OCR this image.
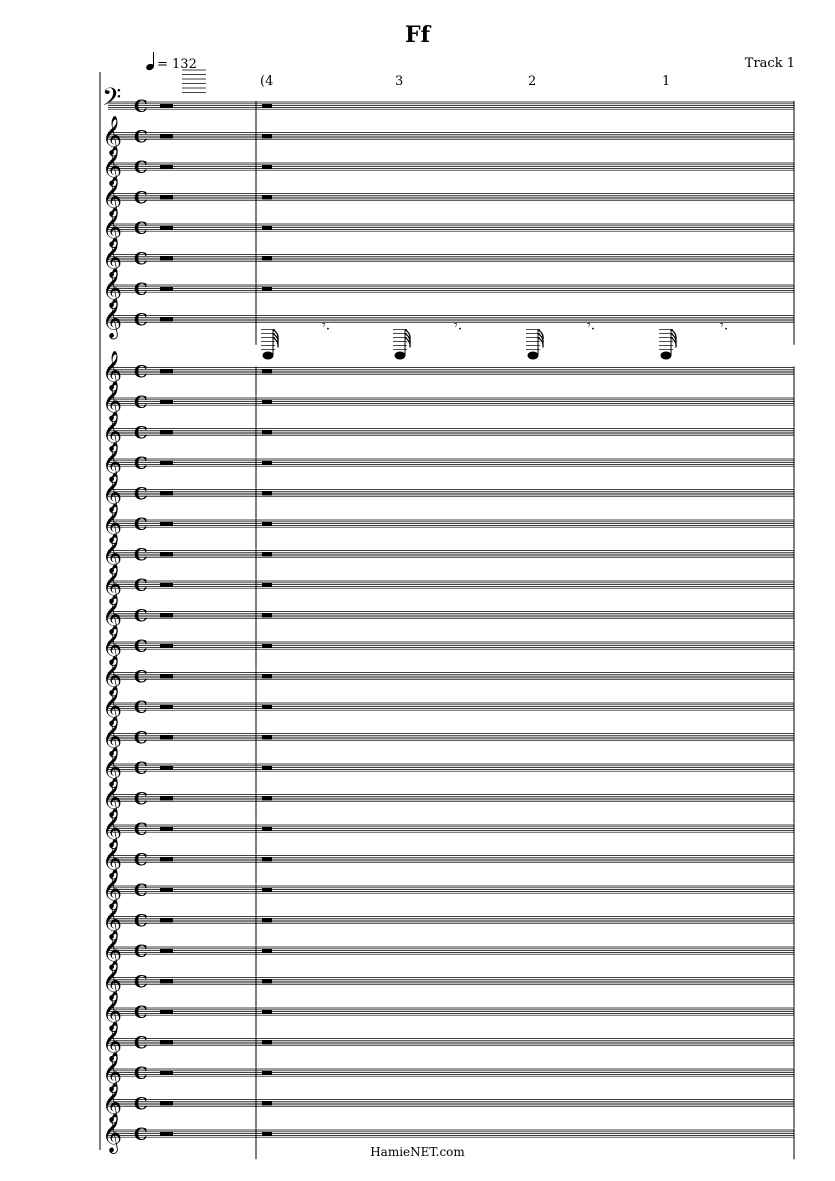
Ff
= 132	Track 1
(4	3	2	1
𝄢 C
𝄞 C
𝄞 C
𝄞 C
𝄞 C
𝄞 C
𝄞 C
𝄞 C
𝄞 C
𝄞 C
𝄞 C
𝄞 C
𝄞 C
𝄞 C
𝄞 C
𝄞 C
𝄞 C
𝄞 C
𝄞 C
𝄞 C
𝄞 C
𝄞 C
𝄞 C
𝄞 C
𝄞 C
𝄞 C
𝄞 C
𝄞 C
𝄞 C
𝄞 C
𝄞 C
𝄞 C
𝄞 C
𝄞 C
𝄾.	𝄾.	𝄾.	𝄾.
HamieNET.com
